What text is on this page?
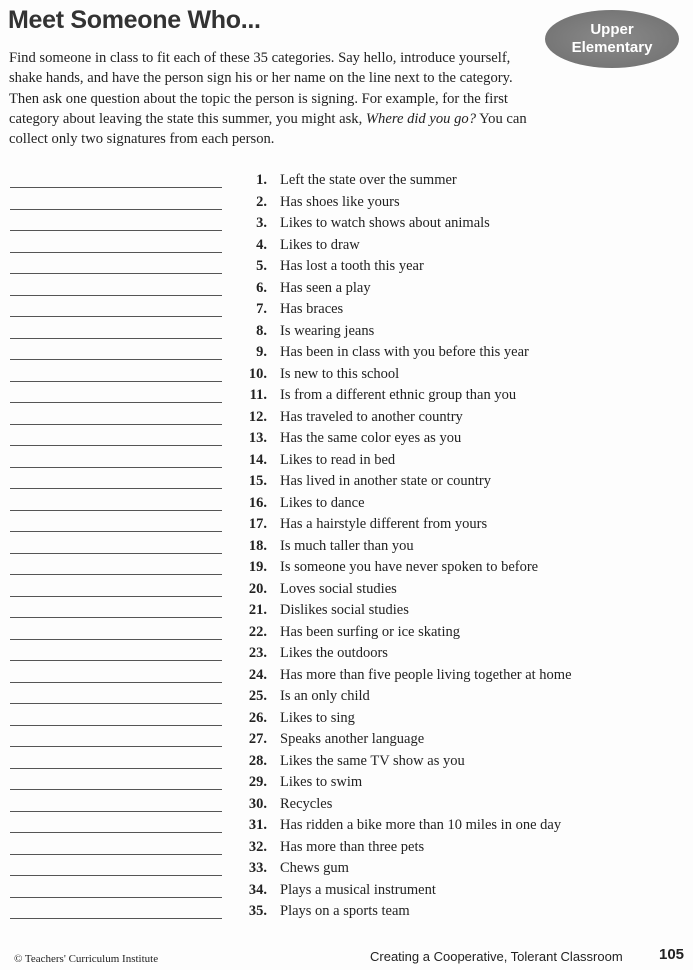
Meet Someone Who...	Upper
Elementary
Find someone in class to fit each of these 35 categories. Say hello, introduce yourself, shake hands, and have the person sign his or her name on the line next to the category. Then ask one question about the topic the person is signing. For example, for the first category about leaving the state this summer, you might ask, Where did you go? You can collect only two signatures from each person.
1. Left the state over the summer
2. Has shoes like yours
3. Likes to watch shows about animals
4. Likes to draw
5. Has lost a tooth this year
6. Has seen a play
7. Has braces
8. Is wearing jeans
9. Has been in class with you before this year
10. Is new to this school
11. Is from a different ethnic group than you
12. Has traveled to another country
13. Has the same color eyes as you
14. Likes to read in bed
15. Has lived in another state or country
16. Likes to dance
17. Has a hairstyle different from yours
18. Is much taller than you
19. Is someone you have never spoken to before
20. Loves social studies
21. Dislikes social studies
22. Has been surfing or ice skating
23. Likes the outdoors
24. Has more than five people living together at home
25. Is an only child
26. Likes to sing
27. Speaks another language
28. Likes the same TV show as you
29. Likes to swim
30. Recycles
31. Has ridden a bike more than 10 miles in one day
32. Has more than three pets
33. Chews gum
34. Plays a musical instrument
35. Plays on a sports team
© Teachers' Curriculum Institute	Creating a Cooperative, Tolerant Classroom 105
